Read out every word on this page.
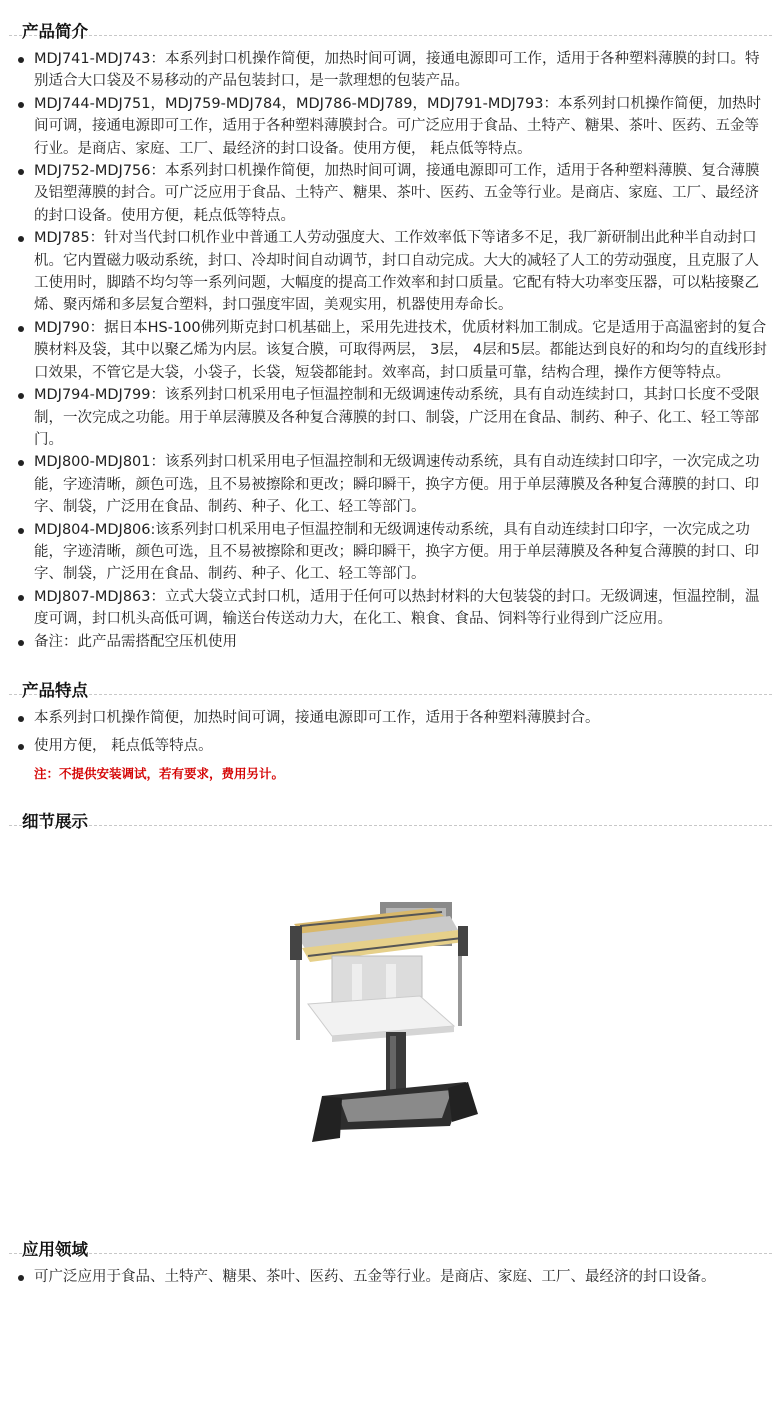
产品简介
MDJ741-MDJ743：本系列封口机操作简便，加热时间可调，接通电源即可工作，适用于各种塑料薄膜的封口。特别适合大口袋及不易移动的产品包装封口，是一款理想的包装产品。
MDJ744-MDJ751，MDJ759-MDJ784，MDJ786-MDJ789，MDJ791-MDJ793：本系列封口机操作简便，加热时间可调，接通电源即可工作，适用于各种塑料薄膜封合。可广泛应用于食品、土特产、糖果、茶叶、医药、五金等行业。是商店、家庭、工厂、最经济的封口设备。使用方便， 耗点低等特点。
MDJ752-MDJ756：本系列封口机操作简便，加热时间可调，接通电源即可工作，适用于各种塑料薄膜、复合薄膜及铝塑薄膜的封合。可广泛应用于食品、土特产、糖果、茶叶、医药、五金等行业。是商店、家庭、工厂、最经济的封口设备。使用方便，耗点低等特点。
MDJ785：针对当代封口机作业中普通工人劳动强度大、工作效率低下等诸多不足，我厂新研制出此种半自动封口机。它内置磁力吸动系统，封口、冷却时间自动调节，封口自动完成。大大的减轻了人工的劳动强度，且克服了人工使用时，脚踏不均匀等一系列问题，大幅度的提高工作效率和封口质量。它配有特大功率变压器，可以粘接聚乙烯、聚丙烯和多层复合塑料，封口强度牢固，美观实用，机器使用寿命长。
MDJ790：据日本HS-100佛列斯克封口机基础上，采用先进技术，优质材料加工制成。它是适用于高温密封的复合膜材料及袋，其中以聚乙烯为内层。该复合膜，可取得两层， 3层， 4层和5层。都能达到良好的和均匀的直线形封口效果，不管它是大袋，小袋子，长袋，短袋都能封。效率高，封口质量可靠，结构合理，操作方便等特点。
MDJ794-MDJ799：该系列封口机采用电子恒温控制和无级调速传动系统，具有自动连续封口，其封口长度不受限制，一次完成之功能。用于单层薄膜及各种复合薄膜的封口、制袋，广泛用在食品、制药、种子、化工、轻工等部门。
MDJ800-MDJ801：该系列封口机采用电子恒温控制和无级调速传动系统，具有自动连续封口印字，一次完成之功能，字迹清晰，颜色可选，且不易被擦除和更改；瞬印瞬干，换字方便。用于单层薄膜及各种复合薄膜的封口、印字、制袋，广泛用在食品、制药、种子、化工、轻工等部门。
MDJ804-MDJ806:该系列封口机采用电子恒温控制和无级调速传动系统，具有自动连续封口印字，一次完成之功能，字迹清晰，颜色可选，且不易被擦除和更改；瞬印瞬干，换字方便。用于单层薄膜及各种复合薄膜的封口、印字、制袋，广泛用在食品、制药、种子、化工、轻工等部门。
MDJ807-MDJ863：立式大袋立式封口机，适用于任何可以热封材料的大包装袋的封口。无级调速，恒温控制，温度可调，封口机头高低可调，输送台传送动力大，在化工、粮食、食品、饲料等行业得到广泛应用。
备注：此产品需搭配空压机使用
产品特点
本系列封口机操作简便，加热时间可调，接通电源即可工作，适用于各种塑料薄膜封合。
使用方便， 耗点低等特点。
注：不提供安装调试，若有要求，费用另计。
细节展示
应用领域
可广泛应用于食品、土特产、糖果、茶叶、医药、五金等行业。是商店、家庭、工厂、最经济的封口设备。
